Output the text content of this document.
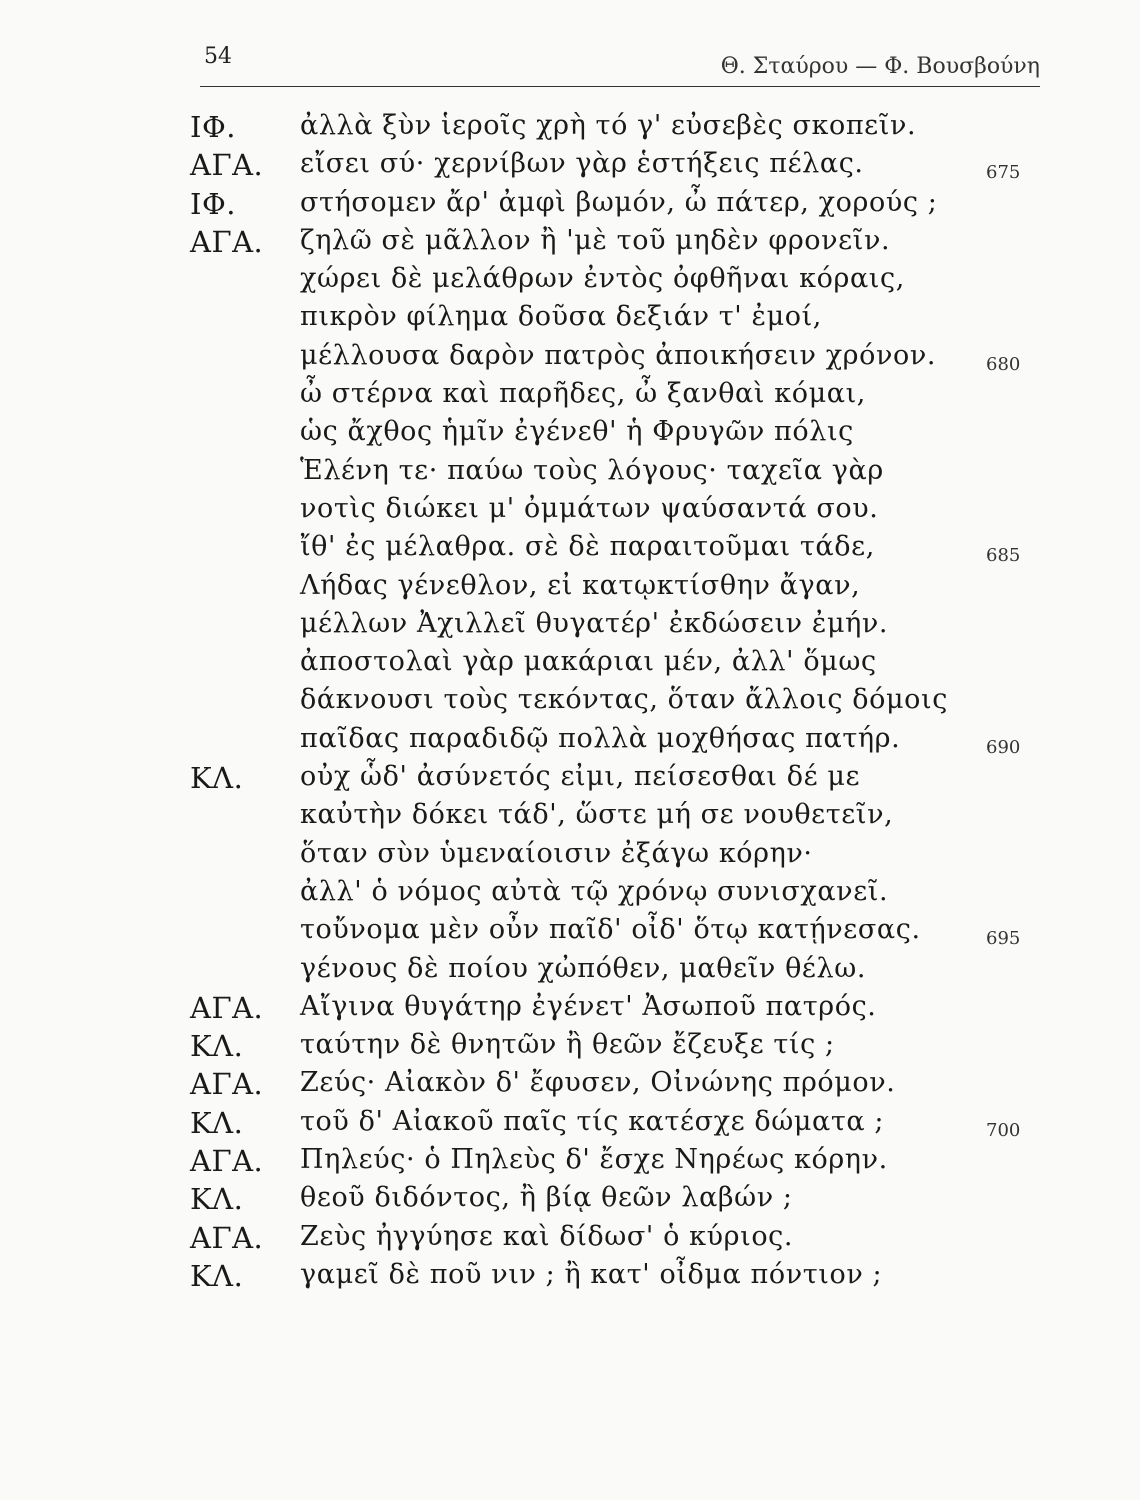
54	Θ. Σταύρου — Φ. Βουσβούνη
ΙΦ. ἀλλὰ ξὺν ἱεροῖς χρὴ τό γ' εὐσεβὲς σκοπεῖν.
ΑΓΑ. εἴσει σύ· χερνίβων γὰρ ἑστήξεις πέλας.	675
ΙΦ. στήσομεν ἄρ' ἀμφὶ βωμόν, ὦ πάτερ, χορούς ;
ΑΓΑ. ζηλῶ σὲ μᾶλλον ἢ 'μὲ τοῦ μηδὲν φρονεῖν.
χώρει δὲ μελάθρων ἐντὸς ὀφθῆναι κόραις,
πικρὸν φίλημα δοῦσα δεξιάν τ' ἐμοί,
μέλλουσα δαρὸν πατρὸς ἀποικήσειν χρόνον.	680
ὦ στέρνα καὶ παρῆδες, ὦ ξανθαὶ κόμαι,
ὡς ἄχθος ἡμῖν ἐγένεθ' ἡ Φρυγῶν πόλις
Ἑλένη τε· παύω τοὺς λόγους· ταχεῖα γὰρ
νοτὶς διώκει μ' ὀμμάτων ψαύσαντά σου.
ἴθ' ἐς μέλαθρα. σὲ δὲ παραιτοῦμαι τάδε,	685
Λήδας γένεθλον, εἰ κατῳκτίσθην ἄγαν,
μέλλων Ἀχιλλεῖ θυγατέρ' ἐκδώσειν ἐμήν.
ἀποστολαὶ γὰρ μακάριαι μέν, ἀλλ' ὅμως
δάκνουσι τοὺς τεκόντας, ὅταν ἄλλοις δόμοις
παῖδας παραδιδῷ πολλὰ μοχθήσας πατήρ.	690
ΚΛ. οὐχ ὧδ' ἀσύνετός εἰμι, πείσεσθαι δέ με
καὐτὴν δόκει τάδ', ὥστε μή σε νουθετεῖν,
ὅταν σὺν ὑμεναίοισιν ἐξάγω κόρην·
ἀλλ' ὁ νόμος αὐτὰ τῷ χρόνῳ συνισχανεῖ.
τοὔνομα μὲν οὖν παῖδ' οἶδ' ὅτῳ κατῄνεσας.	695
γένους δὲ ποίου χὠπόθεν, μαθεῖν θέλω.
ΑΓΑ. Αἴγινα θυγάτηρ ἐγένετ' Ἀσωποῦ πατρός.
ΚΛ. ταύτην δὲ θνητῶν ἢ θεῶν ἔζευξε τίς ;
ΑΓΑ. Ζεύς· Αἰακὸν δ' ἔφυσεν, Οἰνώνης πρόμον.
ΚΛ. τοῦ δ' Αἰακοῦ παῖς τίς κατέσχε δώματα ;	700
ΑΓΑ. Πηλεύς· ὁ Πηλεὺς δ' ἔσχε Νηρέως κόρην.
ΚΛ. θεοῦ διδόντος, ἢ βίᾳ θεῶν λαβών ;
ΑΓΑ. Ζεὺς ἠγγύησε καὶ δίδωσ' ὁ κύριος.
ΚΛ. γαμεῖ δὲ ποῦ νιν ; ἢ κατ' οἶδμα πόντιον ;
